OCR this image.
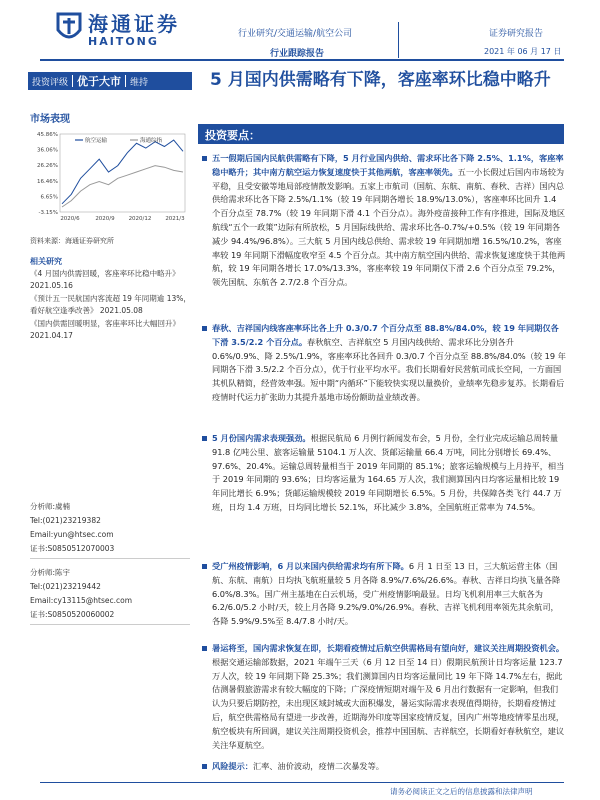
海通证券
HAITONG
行业研究/交通运输/航空公司
行业跟踪报告
证券研究报告
2021 年 06 月 17 日
投资评级 优于大市	维持	5 月国内供需略有下降，客座率环比稳中略升
市场表现
-3.15%
6.65%
16.46%
26.26%
36.06%
45.86%
2020/6	2020/9	2020/12	2021/3
航空运输	海通综指
资料来源：海通证券研究所
相关研究
《4 月国内供需回暖，客座率环比稳中略升》 2021.05.16
《预计五一民航国内客流超 19 年同期逾 13%，看好航空逢季改善》 2021.05.08
《国内供需回暖明显，客座率环比大幅回升》 2021.04.17
分析师:虞楠
Tel:(021)23219382
Email:yun@htsec.com
证书:S0850512070003
分析师:陈宇
Tel:(021)23219442
Email:cy13115@htsec.com
证书:S0850520060002
投资要点：
五一假期后国内民航供需略有下降，5 月行业国内供给、需求环比各下降 2.5%、1.1%，客座率稳中略升；其中南方航空运力恢复速度快于其他两航，客座率领先。五一小长假过后国内市场较为平稳，且受安徽等地局部疫情散发影响。五家上市航司（国航、东航、南航、春秋、吉祥）国内总供给需求环比各下降 2.5%/1.1%（较 19 年同期各增长 18.9%/13.0%），客座率环比回升 1.4 个百分点至 78.7%（较 19 年同期下滑 4.1 个百分点）。海外疫苗接种工作有序推进，国际及地区航线“五个一政策”边际有所放松，5 月国际线供给、需求环比各-0.7%/+0.5%（较 19 年同期各减少 94.4%/96.8%）。三大航 5 月国内线总供给、需求较 19 年同期加增 16.5%/10.2%，客座率较 19 年同期下滑幅度收窄至 4.5 个百分点。其中南方航空国内供给、需求恢复速度快于其他两航，较 19 年同期各增长 17.0%/13.3%，客座率较 19 年同期仅下滑 2.6 个百分点至 79.2%，领先国航、东航各 2.7/2.8 个百分点。
春秋、吉祥国内线客座率环比各上升 0.3/0.7 个百分点至 88.8%/84.0%，较 19 年同期仅各下滑 3.5/2.2 个百分点。春秋航空、吉祥航空 5 月国内线供给、需求环比分别各升 0.6%/0.9%、降 2.5%/1.9%，客座率环比各回升 0.3/0.7 个百分点至 88.8%/84.0%（较 19 年同期各下滑 3.5/2.2 个百分点），优于行业平均水平。我们长期看好民营航司成长空间，一方面国其机队精简，经营效率强。短中期“内循环”下能较快实现以量换价，业绩率先稳步复苏。长期看后疫情时代运力扩张助力其提升基地市场份额助益业绩改善。
5 月份国内需求表现强劲。根据民航局 6 月例行新闻发布会，5 月份，全行业完成运输总周转量 91.8 亿吨公里、旅客运输量 5104.1 万人次、货邮运输量 66.4 万吨，同比分别增长 69.4%、97.6%、20.4%。运输总周转量相当于 2019 年同期的 85.1%；旅客运输规模与上月持平，相当于 2019 年同期的 93.6%；日均客运量为 164.65 万人次，我们测算国内日均客运量相比较 19 年同比增长 6.9%；货邮运输规模较 2019 年同期增长 6.5%。5 月份，共保障各类飞行 44.7 万班，日均 1.4 万班，日均同比增长 52.1%，环比减少 3.8%，全国航班正常率为 74.5%。
受广州疫情影响，6 月以来国内供给需求均有所下降。6 月 1 日至 13 日，三大航运营主体（国航、东航、南航）日均执飞航班量较 5 月各降 8.9%/7.6%/26.6%。春秋、吉祥日均执飞量各降 6.0%/8.3%。国广州主基地在白云机场，受广州疫情影响最显。日均飞机利用率三大航各为 6.2/6.0/5.2 小时/天，较上月各降 9.2%/9.0%/26.9%。春秋、吉祥飞机利用率领先其余航司，各降 5.9%/9.5%至 8.4/7.8 小时/天。
暑运将至，国内需求恢复在即，长期看疫情过后航空供需格局有望向好，建议关注周期投资机会。根据交通运输部数据，2021 年端午三天（6 月 12 日至 14 日）假期民航预计日均客运量 123.7 万人次，较 19 年同期下降 25.3%；我们测算国内日均客运量同比 19 年下降 14.7%左右，据此估测暑假旅游需求有较大幅度的下降；广深疫情短期对端午及 6 月出行数据有一定影响，但我们认为只要后期防控，未出现区域封城或大面积爆发，暑运实际需求表现值得期待，长期看疫情过后，航空供需格局有望进一步改善，近期海外印度等国家疫情反复，国内广州等地疫情零星出现，航空板块有所回调，建议关注周期投资机会，推荐中国国航、吉祥航空，长期看好春秋航空，建议关注华夏航空。
风险提示：汇率、油价波动，疫情二次暴发等。
请务必阅读正文之后的信息披露和法律声明
